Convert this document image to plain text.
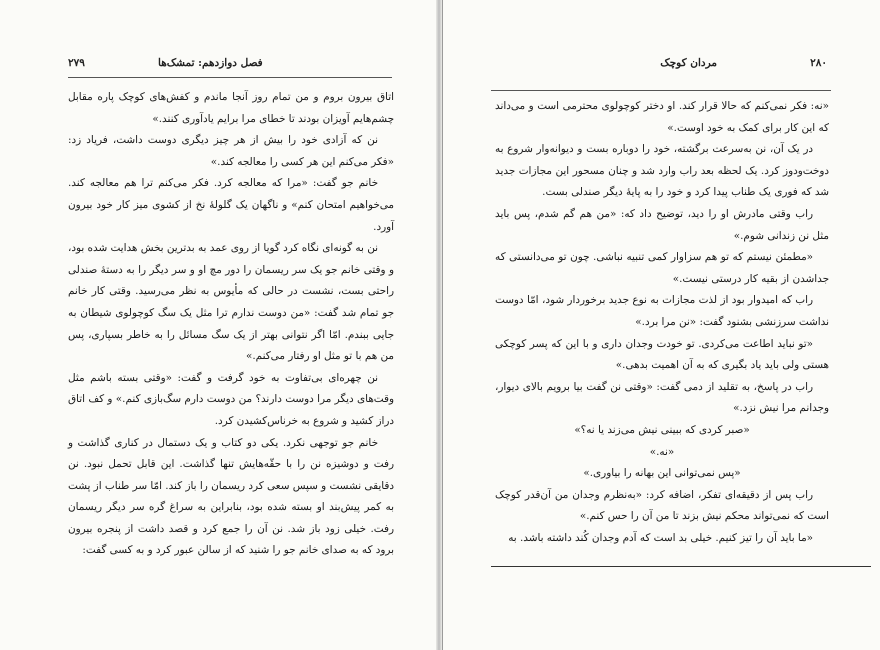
۲۷۹	فصل دوازدهم: تمشک‌ها

اتاق بیرون بروم و من تمام روز آنجا ماندم و کفش‌های کوچک پاره مقابل چشم‌هایم آویزان بودند تا خطای مرا برایم یادآوری کنند.»

نن که آزادی خود را بیش از هر چیز دیگری دوست داشت، فریاد زد: «فکر می‌کنم این هر کسی را معالجه کند.»

خانم جو گفت: «مرا که معالجه کرد. فکر می‌کنم ترا هم معالجه کند. می‌خواهیم امتحان کنم» و ناگهان یک گلولهٔ نخ از کشوی میز کار خود بیرون آورد.

نن به گونه‌ای نگاه کرد گویا از روی عمد به بدترین بخش هدایت شده بود، و وقتی خانم جو یک سر ریسمان را دور مچ او و سر دیگر را به دستهٔ صندلی راحتی بست، نشست در حالی که مأیوس به نظر می‌رسید. وقتی کار خانم جو تمام شد گفت: «من دوست ندارم ترا مثل یک سگ کوچولوی شیطان به جایی ببندم. امّا اگر نتوانی بهتر از یک سگ مسائل را به خاطر بسپاری، پس من هم با تو مثل او رفتار می‌کنم.»

نن چهره‌ای بی‌تفاوت به خود گرفت و گفت: «وقتی بسته باشم مثل وقت‌های دیگر مرا دوست دارند؟ من دوست دارم سگ‌بازی کنم.» و کف اتاق دراز کشید و شروع به خرناس‌کشیدن کرد.

خانم جو توجهی نکرد. یکی دو کتاب و یک دستمال در کناری گذاشت و رفت و دوشیزه نن را با حقّه‌هایش تنها گذاشت. این قابل تحمل نبود. نن دقایقی نشست و سپس سعی کرد ریسمان را باز کند. امّا سر طناب از پشت به کمر پیش‌بند او بسته شده بود، بنابراین به سراغ گره سر دیگر ریسمان رفت. خیلی زود باز شد. نن آن را جمع کرد و قصد داشت از پنجره بیرون برود که به صدای خانم جو را شنید که از سالن عبور کرد و به کسی گفت:

۲۸۰
مردان کوچک

«نه: فکر نمی‌کنم که حالا قرار کند. او دختر کوچولوی محترمی است و می‌داند که این کار برای کمک به خود اوست.»

در یک آن، نن به‌سرعت برگشته، خود را دوباره بست و دیوانه‌وار شروع به دوخت‌ودوز کرد. یک لحظه بعد راب وارد شد و چنان مسحور این مجازات جدید شد که فوری یک طناب پیدا کرد و خود را به پایهٔ دیگر صندلی بست.

راب وقتی مادرش او را دید، توضیح داد که: «من هم گم شدم، پس باید مثل نن زندانی شوم.»

«مطمئن نیستم که تو هم سزاوار کمی تنبیه نباشی. چون تو می‌دانستی که جداشدن از بقیه کار درستی نیست.»

راب که امیدوار بود از لذت مجازات به نوع جدید برخوردار شود، امّا دوست نداشت سرزنشی بشنود گفت: «نن مرا برد.»

«تو نباید اطاعت می‌کردی. تو خودت وجدان داری و با این که پسر کوچکی هستی ولی باید یاد بگیری که به آن اهمیت بدهی.»

راب در پاسخ، به تقلید از دمی گفت: «وقتی نن گفت بیا برویم بالای دیوار، وجدانم مرا نیش نزد.»

«صبر کردی که ببینی نیش می‌زند یا نه؟»

«نه.»

«پس نمی‌توانی این بهانه را بیاوری.»

راب پس از دقیقه‌ای تفکر، اضافه کرد: «به‌نظرم وجدان من آن‌قدر کوچک است که نمی‌تواند محکم نیش بزند تا من آن را حس کنم.»

«ما باید آن را تیز کنیم. خیلی بد است که آدم وجدان کُند داشته باشد. به
